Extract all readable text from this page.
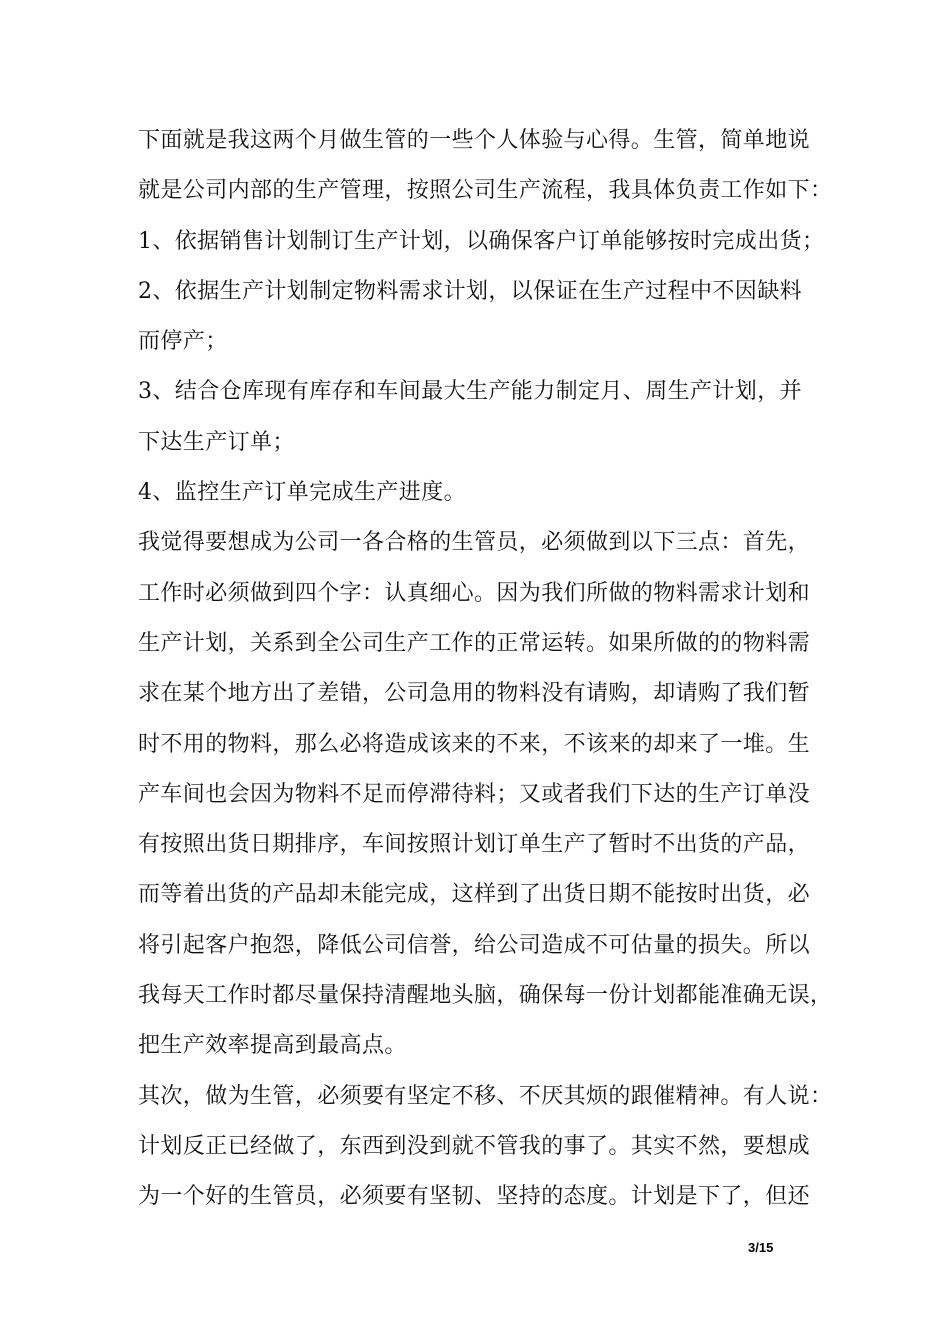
下面就是我这两个月做生管的一些个人体验与心得。生管，简单地说
就是公司内部的生产管理，按照公司生产流程，我具体负责工作如下：
1、依据销售计划制订生产计划，以确保客户订单能够按时完成出货；
2、依据生产计划制定物料需求计划，以保证在生产过程中不因缺料
而停产；
3、结合仓库现有库存和车间最大生产能力制定月、周生产计划，并
下达生产订单；
4、监控生产订单完成生产进度。
我觉得要想成为公司一各合格的生管员，必须做到以下三点：首先，
工作时必须做到四个字：认真细心。因为我们所做的物料需求计划和
生产计划，关系到全公司生产工作的正常运转。如果所做的的物料需
求在某个地方出了差错，公司急用的物料没有请购，却请购了我们暂
时不用的物料，那么必将造成该来的不来，不该来的却来了一堆。生
产车间也会因为物料不足而停滞待料；又或者我们下达的生产订单没
有按照出货日期排序，车间按照计划订单生产了暂时不出货的产品，
而等着出货的产品却未能完成，这样到了出货日期不能按时出货，必
将引起客户抱怨，降低公司信誉，给公司造成不可估量的损失。所以
我每天工作时都尽量保持清醒地头脑，确保每一份计划都能准确无误，
把生产效率提高到最高点。
其次，做为生管，必须要有坚定不移、不厌其烦的跟催精神。有人说：
计划反正已经做了，东西到没到就不管我的事了。其实不然，要想成
为一个好的生管员，必须要有坚韧、坚持的态度。计划是下了，但还
3/15
